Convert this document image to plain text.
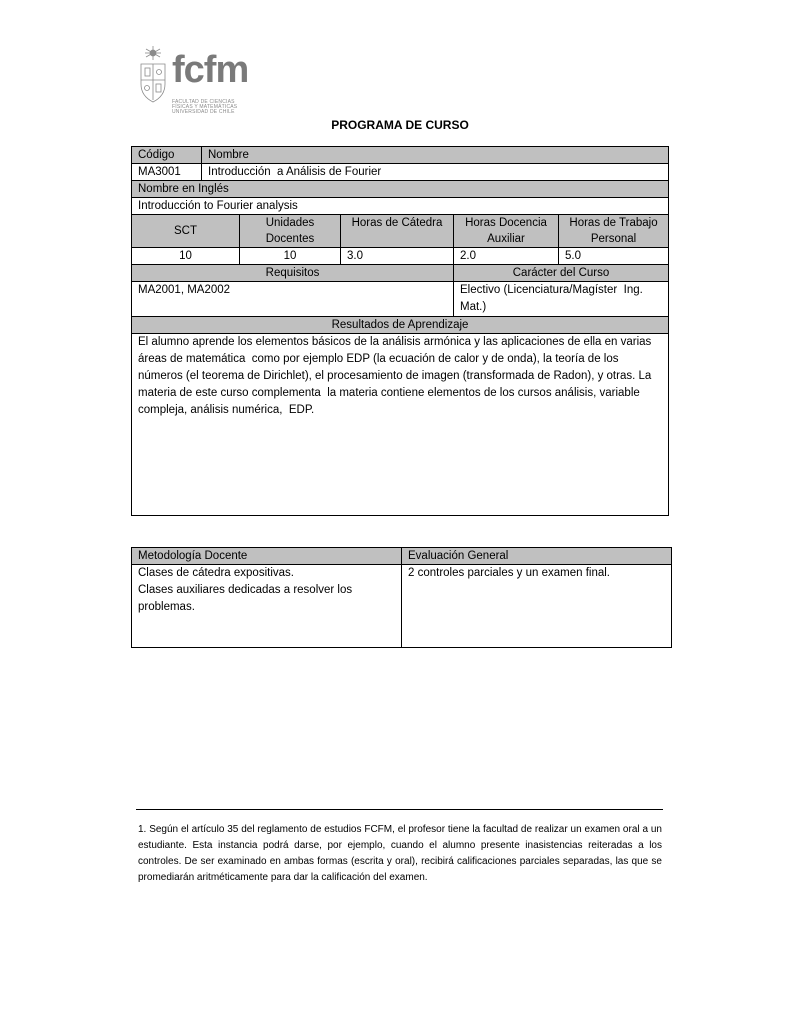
fcfm
FACULTAD DE CIENCIAS
FÍSICAS Y MATEMÁTICAS
UNIVERSIDAD DE CHILE
PROGRAMA DE CURSO
Código	Nombre				
MA3001	Introducción  a Análisis de Fourier				
Nombre en Inglés					
Introducción to Fourier analysis					
SCT		Unidades Docentes	Horas de Cátedra	Horas Docencia Auxiliar	Horas de Trabajo Personal
10		10	3.0	2.0	5.0
Requisitos				Carácter del Curso	
MA2001, MA2002				Electivo (Licenciatura/Magíster  Ing. Mat.)	
Resultados de Aprendizaje					
El alumno aprende los elementos básicos de la análisis armónica y las aplicaciones de ella en varias áreas de matemática  como por ejemplo EDP (la ecuación de calor y de onda), la teoría de los números (el teorema de Dirichlet), el procesamiento de imagen (transformada de Radon), y otras. La materia de este curso complementa  la materia contiene elementos de los cursos análisis, variable compleja, análisis numérica,  EDP.					
Metodología Docente	Evaluación General

Clases de cátedra expositivas.
Clases auxiliares dedicadas a resolver los problemas.	2 controles parciales y un examen final.
1. Según el artículo 35 del reglamento de estudios FCFM, el profesor tiene la facultad de realizar un examen oral a un estudiante. Esta instancia podrá darse, por ejemplo, cuando el alumno presente inasistencias reiteradas a los controles. De ser examinado en ambas formas (escrita y oral), recibirá calificaciones parciales separadas, las que se promediarán aritméticamente para dar la calificación del examen.
